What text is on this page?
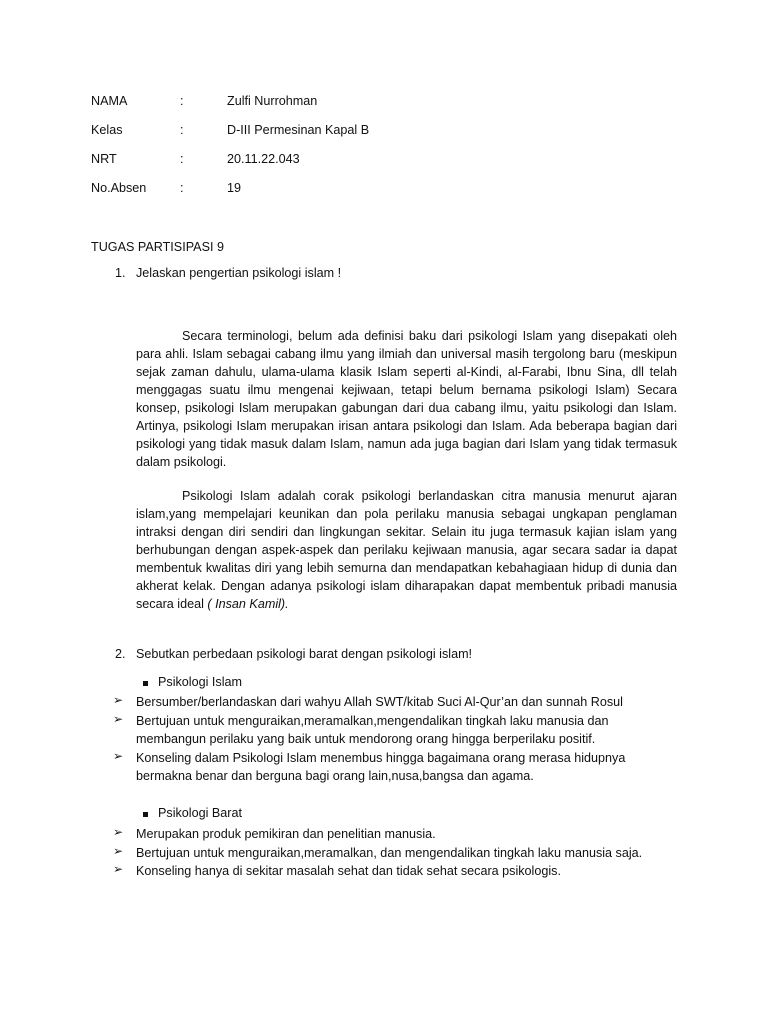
NAMA	:	Zulfi Nurrohman
Kelas	:	D-III Permesinan Kapal B
NRT	:	20.11.22.043
No.Absen	:	19
TUGAS PARTISIPASI 9
1. Jelaskan pengertian psikologi islam !
Secara terminologi, belum ada definisi baku dari psikologi Islam yang disepakati oleh para ahli. Islam sebagai cabang ilmu yang ilmiah dan universal masih tergolong baru (meskipun sejak zaman dahulu, ulama-ulama klasik Islam seperti al-Kindi, al-Farabi, Ibnu Sina, dll telah menggagas suatu ilmu mengenai kejiwaan, tetapi belum bernama psikologi Islam) Secara konsep, psikologi Islam merupakan gabungan dari dua cabang ilmu, yaitu psikologi dan Islam. Artinya, psikologi Islam merupakan irisan antara psikologi dan Islam. Ada beberapa bagian dari psikologi yang tidak masuk dalam Islam, namun ada juga bagian dari Islam yang tidak termasuk dalam psikologi.
Psikologi Islam adalah corak psikologi berlandaskan citra manusia menurut ajaran islam,yang mempelajari keunikan dan pola perilaku manusia sebagai ungkapan penglaman intraksi dengan diri sendiri dan lingkungan sekitar. Selain itu juga termasuk kajian islam yang berhubungan dengan aspek-aspek dan perilaku kejiwaan manusia, agar secara sadar ia dapat membentuk kwalitas diri yang lebih semurna dan mendapatkan kebahagiaan hidup di dunia dan akherat kelak. Dengan adanya psikologi islam diharapakan dapat membentuk pribadi manusia secara ideal ( Insan Kamil).
2. Sebutkan perbedaan psikologi barat dengan psikologi islam!
Psikologi Islam
➢ Bersumber/berlandaskan dari wahyu Allah SWT/kitab Suci Al-Qur’an dan sunnah Rosul
➢ Bertujuan untuk menguraikan,meramalkan,mengendalikan tingkah laku manusia dan membangun perilaku yang baik untuk mendorong orang hingga berperilaku positif.
➢ Konseling dalam Psikologi Islam menembus hingga bagaimana orang merasa hidupnya bermakna benar dan berguna bagi orang lain,nusa,bangsa dan agama.
Psikologi Barat
➢ Merupakan produk pemikiran dan penelitian manusia.
➢ Bertujuan untuk menguraikan,meramalkan, dan mengendalikan tingkah laku manusia saja.
➢ Konseling hanya di sekitar masalah sehat dan tidak sehat secara psikologis.
